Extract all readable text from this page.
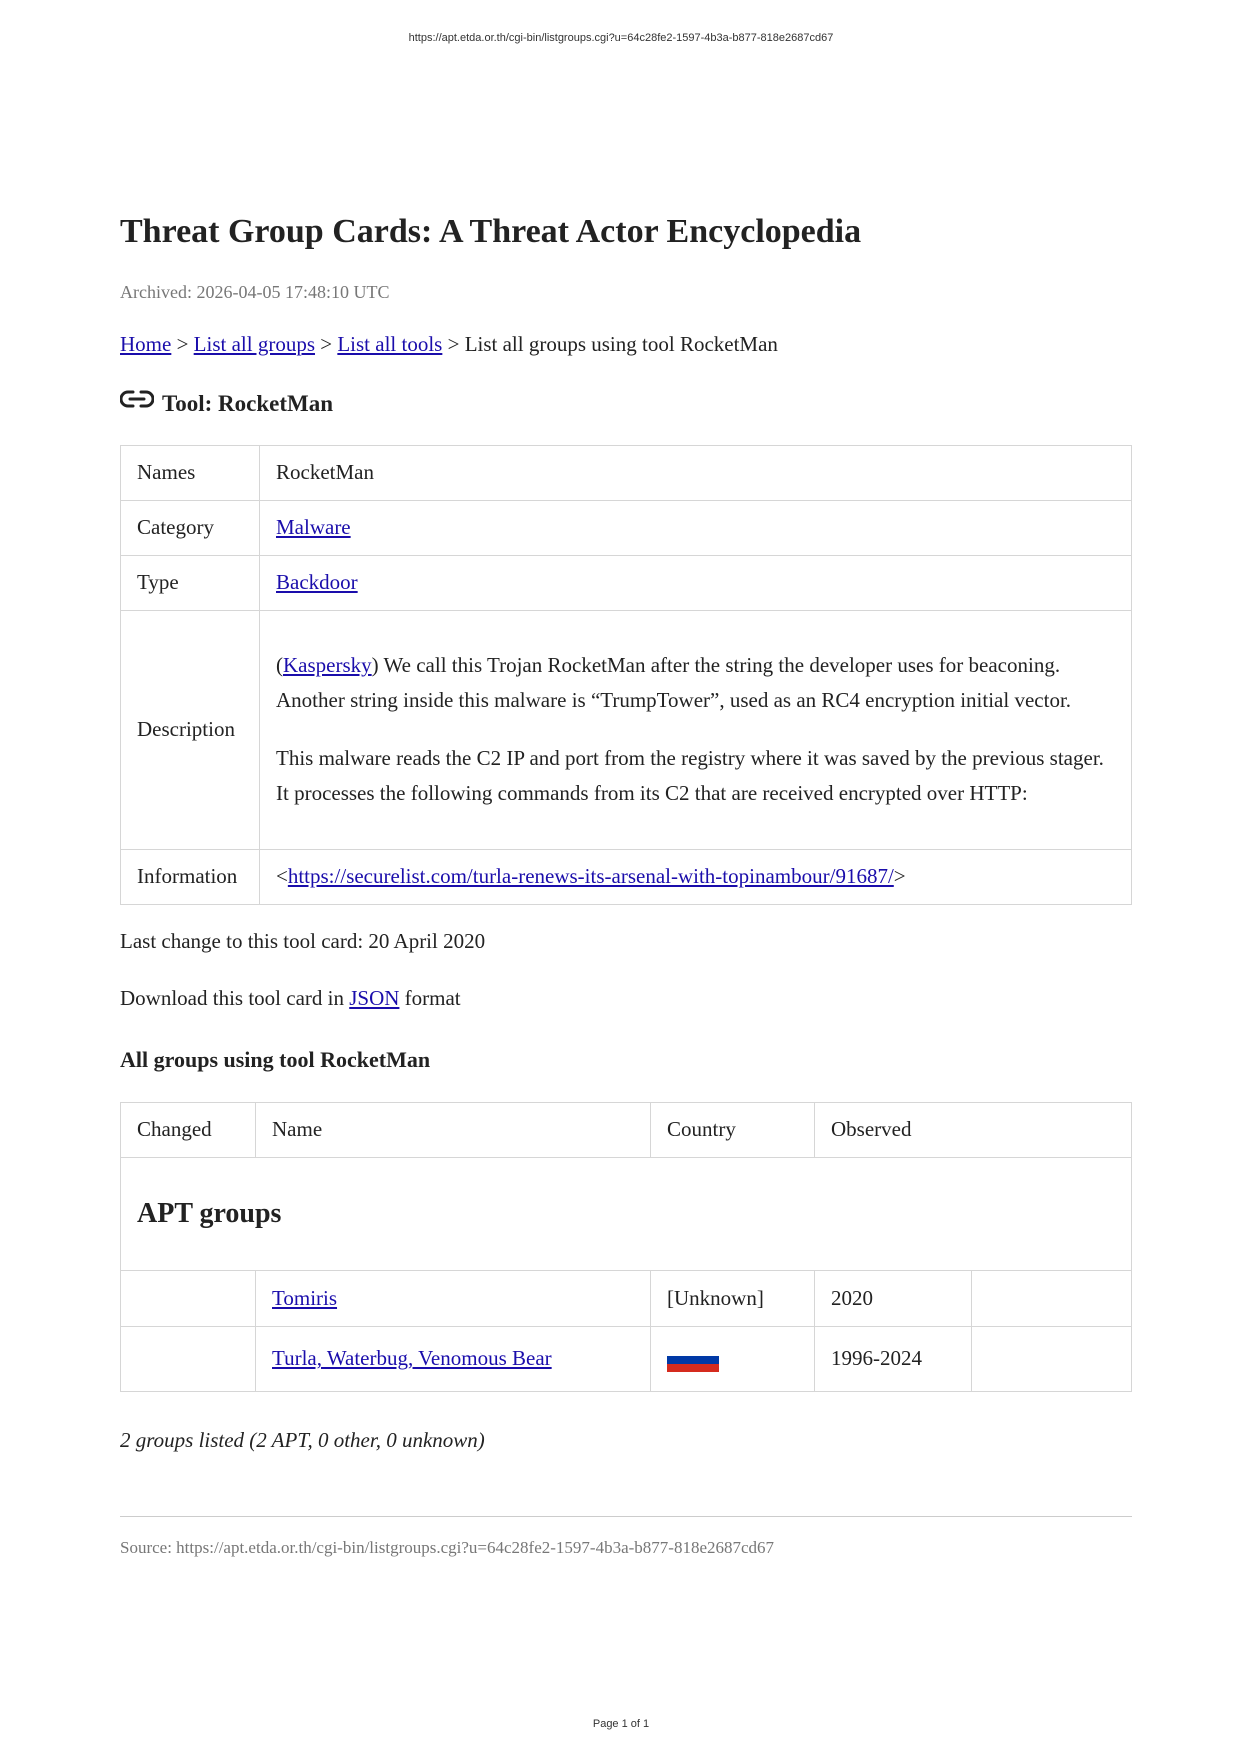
https://apt.etda.or.th/cgi-bin/listgroups.cgi?u=64c28fe2-1597-4b3a-b877-818e2687cd67
Threat Group Cards: A Threat Actor Encyclopedia
Archived: 2026-04-05 17:48:10 UTC
Home > List all groups > List all tools > List all groups using tool RocketMan
Tool: RocketMan
Names	RocketMan
Category	Malware
Type	Backdoor
Description	(Kaspersky) We call this Trojan RocketMan after the string the developer uses for beaconing. Another string inside this malware is “TrumpTower”, used as an RC4 encryption initial vector.

This malware reads the C2 IP and port from the registry where it was saved by the previous stager. It processes the following commands from its C2 that are received encrypted over HTTP:

Information	<https://securelist.com/turla-renews-its-arsenal-with-topinambour/91687/>
Last change to this tool card: 20 April 2020
Download this tool card in JSON format
All groups using tool RocketMan
Changed	Name	Country	Observed	
APT groups				
	Tomiris	[Unknown]	2020	
	Turla, Waterbug, Venomous Bear		1996-2024	
2 groups listed (2 APT, 0 other, 0 unknown)
Source: https://apt.etda.or.th/cgi-bin/listgroups.cgi?u=64c28fe2-1597-4b3a-b877-818e2687cd67
Page 1 of 1
